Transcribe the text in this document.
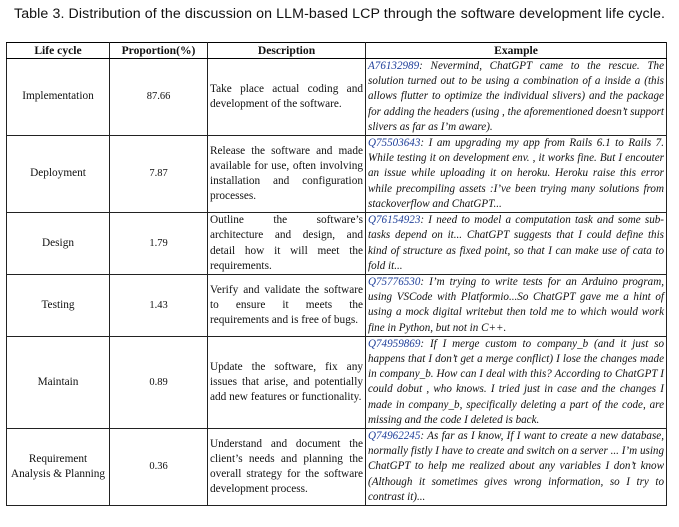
Table 3. Distribution of the discussion on LLM-based LCP through the software development life cycle.
Life cycle	Proportion(%)	Description	Example
Implementation	87.66	Take place actual coding and development of the software.	A76132989: Nevermind, ChatGPT came to the rescue. The solution turned out to be using a combination of a inside a (this allows flutter to optimize the individual slivers) and the package for adding the headers (using , the aforementioned doesn’t support slivers as far as I’m aware).
Deployment	7.87	Release the software and made available for use, often involving installation and configuration processes.	Q75503643: I am upgrading my app from Rails 6.1 to Rails 7. While testing it on development env. , it works fine. But I encouter an issue while uploading it on heroku. Heroku raise this error while precompiling assets :I’ve been trying many solutions from stackoverflow and ChatGPT...
Design	1.79	Outline the software’s architecture and design, and detail how it will meet the requirements.	Q76154923: I need to model a computation task and some sub-tasks depend on it... ChatGPT suggests that I could define this kind of structure as fixed point, so that I can make use of cata to fold it...
Testing	1.43	Verify and validate the software to ensure it meets the requirements and is free of bugs.	Q75776530: I’m trying to write tests for an Arduino program, using VSCode with Platformio...So ChatGPT gave me a hint of using a mock digital writebut then told me to which would work fine in Python, but not in C++.
Maintain	0.89	Update the software, fix any issues that arise, and potentially add new features or functionality.	Q74959869: If I merge custom to company_b (and it just so happens that I don’t get a merge conflict) I lose the changes made in company_b. How can I deal with this? According to ChatGPT I could dobut , who knows. I tried just in case and the changes I made in company_b, specifically deleting a part of the code, are missing and the code I deleted is back.
Requirement Analysis & Planning	0.36	Understand and document the client’s needs and planning the overall strategy for the software development process.	Q74962245: As far as I know, If I want to create a new database, normally fistly I have to create and switch on a server ... I’m using ChatGPT to help me realized about any variables I don’t know (Although it sometimes gives wrong information, so I try to contrast it)...
